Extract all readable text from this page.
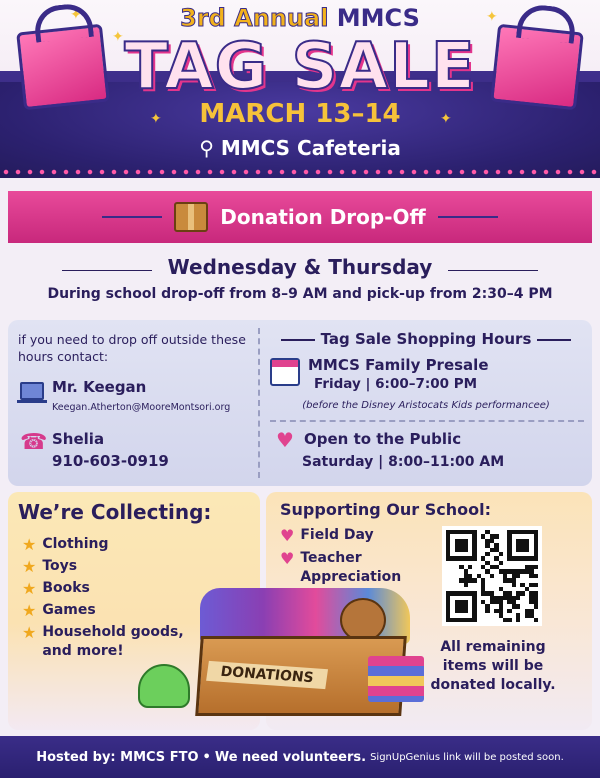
✦
✦
✦	✦
3rd Annual MMCS
TAG SALE
MARCH 13–14
⚲ MMCS Cafeteria
Donation Drop-Off
Wednesday & Thursday
During school drop-off from 8–9 AM and pick-up from 2:30–4 PM
if you need to drop off outside these hours contact:
Mr. Keegan
Keegan.Atherton@MooreMontsori.org
☎ Shelia
910-603-0919
Tag Sale Shopping Hours
MMCS Family Presale
Friday | 6:00–7:00 PM
(before the Disney Aristocats Kids performancee)
♥ Open to the Public
Saturday | 8:00–11:00 AM
We’re Collecting:
★ Clothing
★ Toys
★ Books
★ Games
★ Household goods, and more!
Supporting Our School:
♥ Field Day
♥ Teacher Appreciation
All remaining items will be donated locally.
DONATIONS
Hosted by: MMCS FTO • We need volunteers. SignUpGenius link will be posted soon.
